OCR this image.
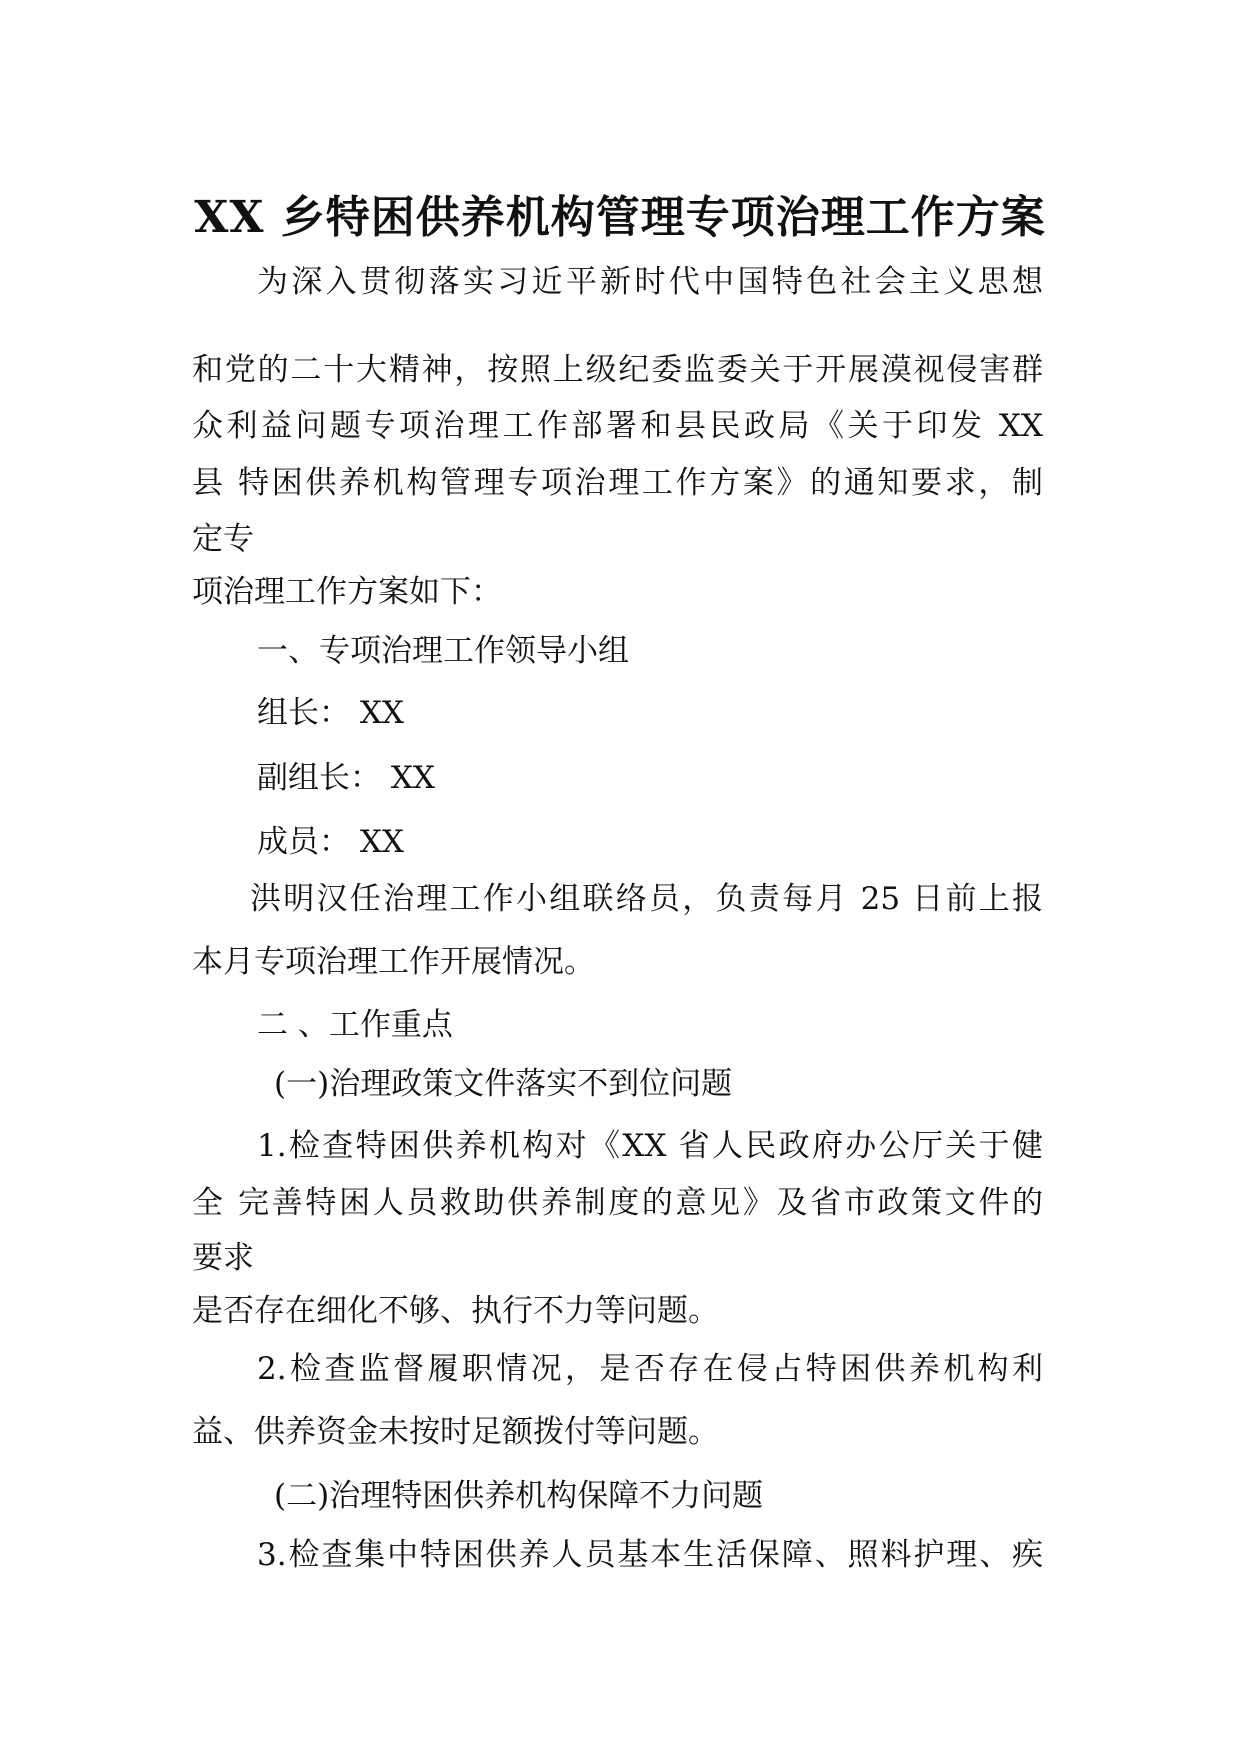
XX 乡特困供养机构管理专项治理工作方案

为深入贯彻落实习近平新时代中国特色社会主义思想

和党的二十大精神，按照上级纪委监委关于开展漠视侵害群

众利益问题专项治理工作部署和县民政局《关于印发 XX

县 特困供养机构管理专项治理工作方案》的通知要求，制

定专

项治理工作方案如下：

一、专项治理工作领导小组

组长： XX

副组长： XX

成员： XX

洪明汉任治理工作小组联络员，负责每月 25 日前上报

本月专项治理工作开展情况。

二 、工作重点

(一)治理政策文件落实不到位问题

1.检查特困供养机构对《XX 省人民政府办公厅关于健

全 完善特困人员救助供养制度的意见》及省市政策文件的

要求

是否存在细化不够、执行不力等问题。

2.检查监督履职情况，是否存在侵占特困供养机构利

益、供养资金未按时足额拨付等问题。

(二)治理特困供养机构保障不力问题

3.检查集中特困供养人员基本生活保障、照料护理、疾
